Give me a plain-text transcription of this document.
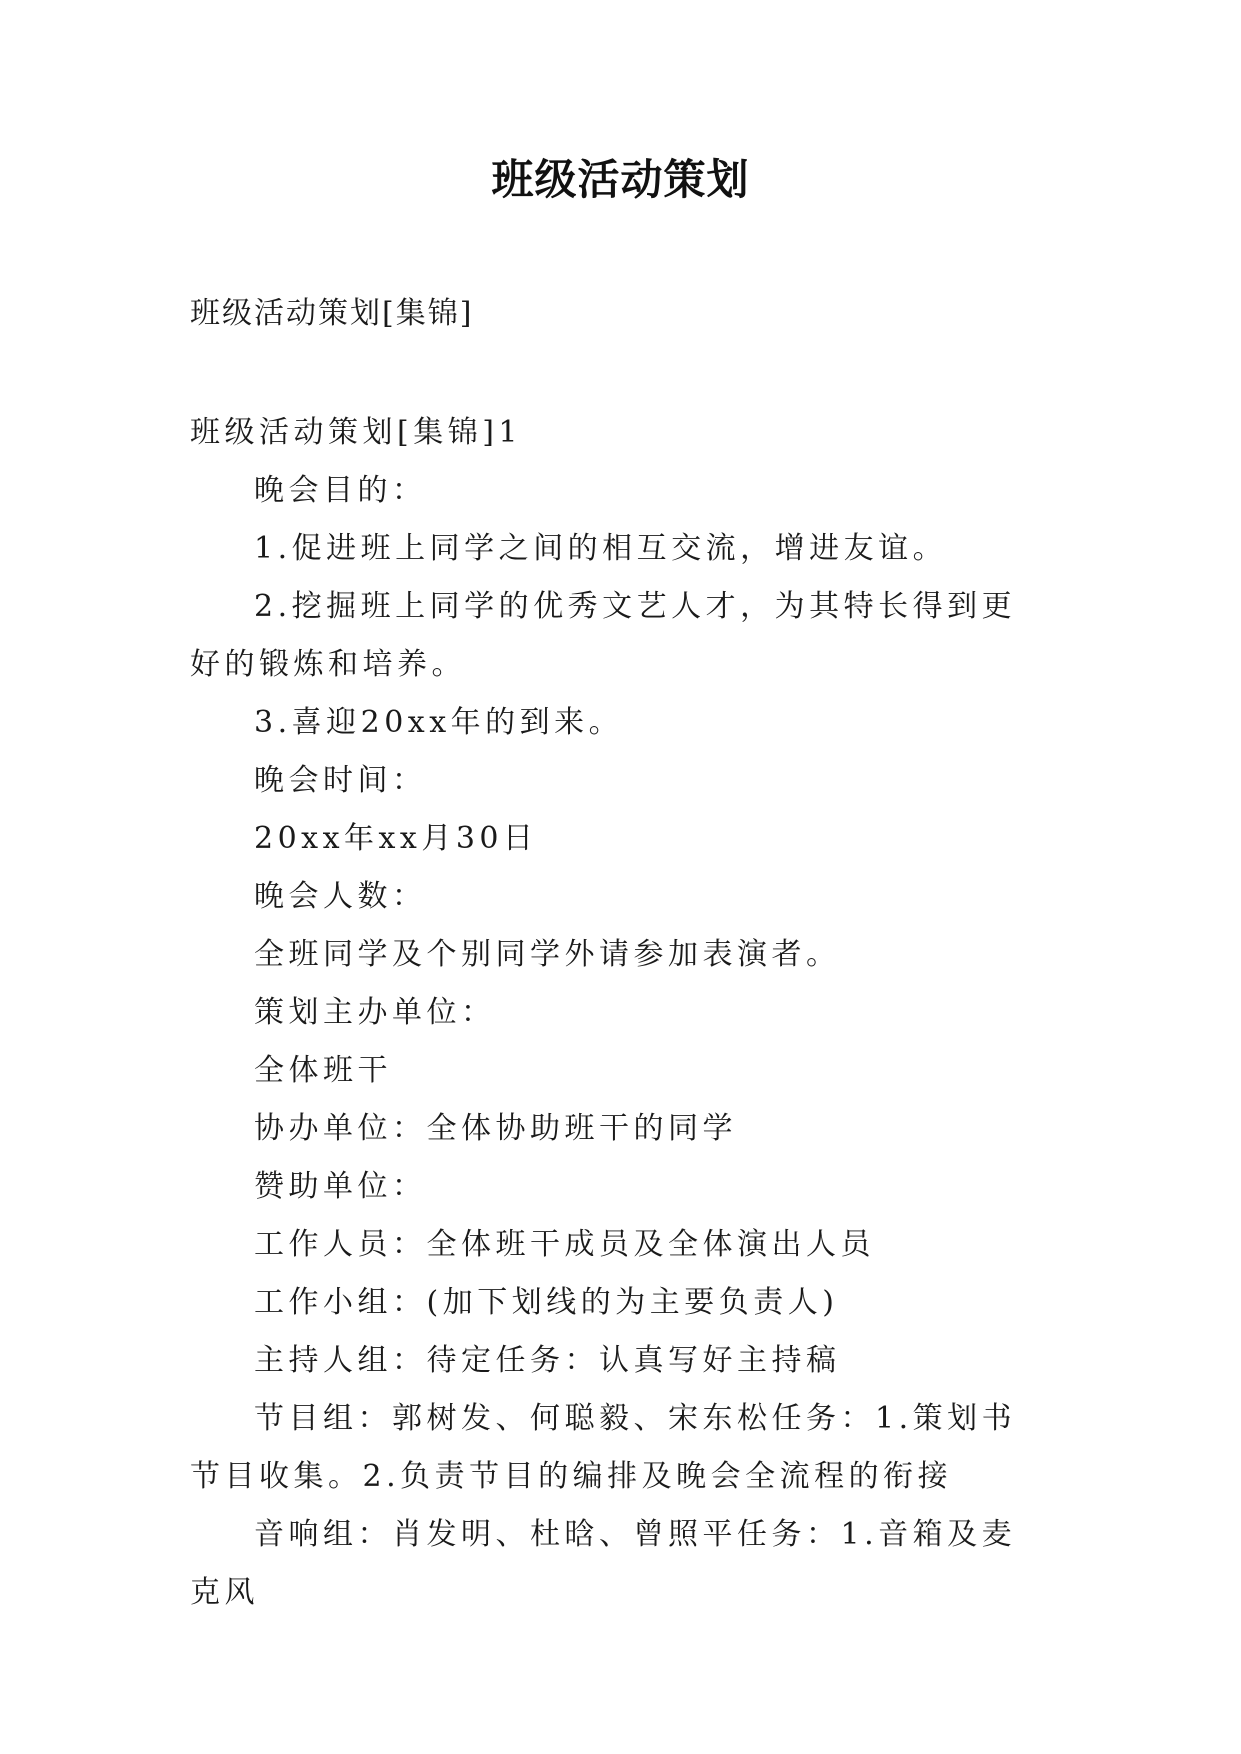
班级活动策划
班级活动策划[集锦]

班级活动策划[集锦]1

晚会目的：

1.促进班上同学之间的相互交流，增进友谊。

2.挖掘班上同学的优秀文艺人才，为其特长得到更好的锻炼和培养。

3.喜迎20xx年的到来。

晚会时间：

20xx年xx月30日

晚会人数：

全班同学及个别同学外请参加表演者。

策划主办单位：

全体班干

协办单位：全体协助班干的同学

赞助单位：

工作人员：全体班干成员及全体演出人员

工作小组：(加下划线的为主要负责人)

主持人组：待定任务：认真写好主持稿

节目组：郭树发、何聪毅、宋东松任务：1.策划书节目收集。2.负责节目的编排及晚会全流程的衔接

音响组：肖发明、杜晗、曾照平任务：1.音箱及麦克风
